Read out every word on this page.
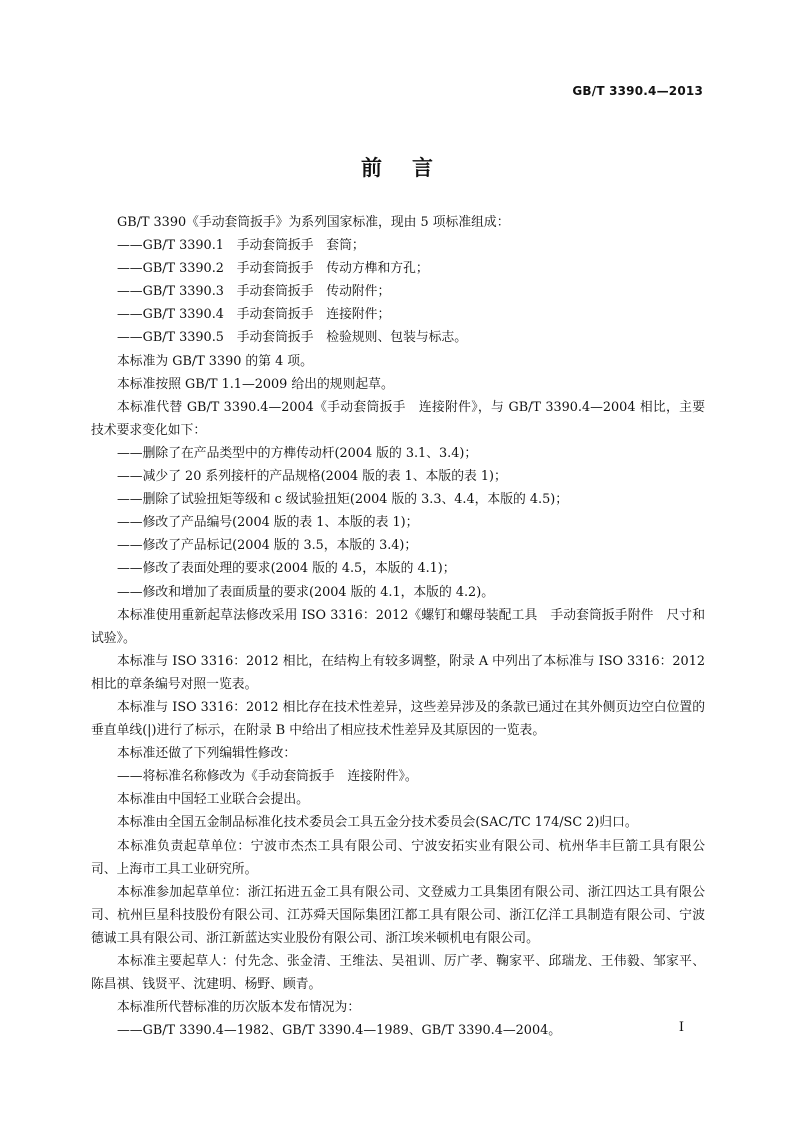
GB/T 3390.4—2013
前言

GB/T 3390《手动套筒扳手》为系列国家标准，现由 5 项标准组成：

——GB/T 3390.1　手动套筒扳手　套筒；

——GB/T 3390.2　手动套筒扳手　传动方榫和方孔；

——GB/T 3390.3　手动套筒扳手　传动附件；

——GB/T 3390.4　手动套筒扳手　连接附件；

——GB/T 3390.5　手动套筒扳手　检验规则、包装与标志。

本标准为 GB/T 3390 的第 4 项。

本标准按照 GB/T 1.1—2009 给出的规则起草。

本标准代替 GB/T 3390.4—2004《手动套筒扳手　连接附件》，与 GB/T 3390.4—2004 相比，主要技术要求变化如下：

——删除了在产品类型中的方榫传动杆(2004 版的 3.1、3.4)；

——减少了 20 系列接杆的产品规格(2004 版的表 1、本版的表 1)；

——删除了试验扭矩等级和 c 级试验扭矩(2004 版的 3.3、4.4，本版的 4.5)；

——修改了产品编号(2004 版的表 1、本版的表 1)；

——修改了产品标记(2004 版的 3.5，本版的 3.4)；

——修改了表面处理的要求(2004 版的 4.5，本版的 4.1)；

——修改和增加了表面质量的要求(2004 版的 4.1，本版的 4.2)。

本标准使用重新起草法修改采用 ISO 3316：2012《螺钉和螺母装配工具　手动套筒扳手附件　尺寸和试验》。

本标准与 ISO 3316：2012 相比，在结构上有较多调整，附录 A 中列出了本标准与 ISO 3316：2012 相比的章条编号对照一览表。

本标准与 ISO 3316：2012 相比存在技术性差异，这些差异涉及的条款已通过在其外侧页边空白位置的垂直单线(|)进行了标示，在附录 B 中给出了相应技术性差异及其原因的一览表。

本标准还做了下列编辑性修改：

——将标准名称修改为《手动套筒扳手　连接附件》。

本标准由中国轻工业联合会提出。

本标准由全国五金制品标准化技术委员会工具五金分技术委员会(SAC/TC 174/SC 2)归口。

本标准负责起草单位：宁波市杰杰工具有限公司、宁波安拓实业有限公司、杭州华丰巨箭工具有限公司、上海市工具工业研究所。

本标准参加起草单位：浙江拓进五金工具有限公司、文登威力工具集团有限公司、浙江四达工具有限公司、杭州巨星科技股份有限公司、江苏舜天国际集团江都工具有限公司、浙江亿洋工具制造有限公司、宁波德诚工具有限公司、浙江新蓝达实业股份有限公司、浙江埃米顿机电有限公司。

本标准主要起草人：付先念、张金清、王维法、吴祖训、厉广孝、鞠家平、邱瑞龙、王伟毅、邹家平、陈昌祺、钱贤平、沈建明、杨野、顾青。

本标准所代替标准的历次版本发布情况为：

——GB/T 3390.4—1982、GB/T 3390.4—1989、GB/T 3390.4—2004。	I
